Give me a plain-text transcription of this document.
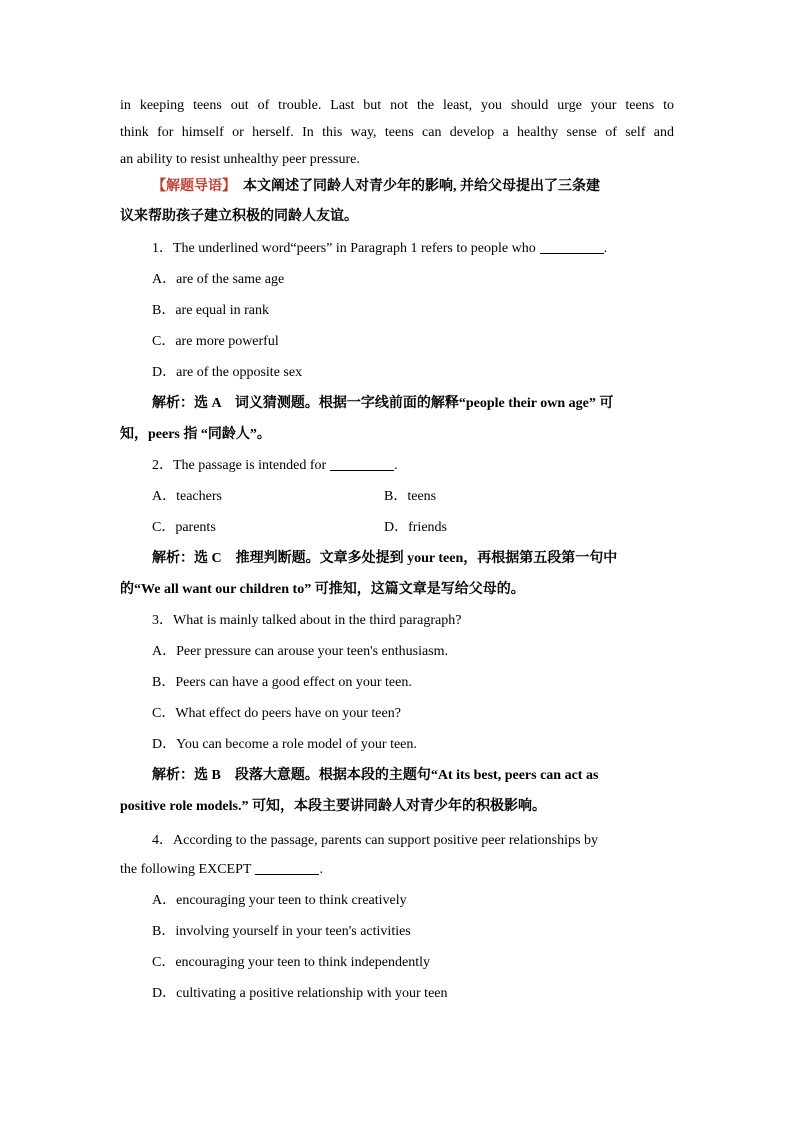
in keeping teens out of trouble. Last but not the least, you should urge your teens to
think for himself or herself. In this way, teens can develop a healthy sense of self and
an ability to resist unhealthy peer pressure.
【解题导语】　 本文阐述了同龄人对青少年的影响, 并给父母提出了三条建
议来帮助孩子建立积极的同龄人友谊。
1．The underlined word“peers” in Paragraph 1 refers to people who	.
A．are of the same age
B．are equal in rank
C．are more powerful
D．are of the opposite sex
解析：选 A　词义猜测题。根据一字线前面的解释“people their own age” 可
知，peers 指 “同龄人”。
2．The passage is intended for	.
A．teachers	B．teens
C．parents	D．friends
解析：选 C　推理判断题。文章多处提到 your teen，再根据第五段第一句中
的“We all want our children to” 可推知，这篇文章是写给父母的。
3．What is mainly talked about in the third paragraph?
A．Peer pressure can arouse your teen's enthusiasm.
B．Peers can have a good effect on your teen.
C．What effect do peers have on your teen?
D．You can become a role model of your teen.
解析：选 B　段落大意题。根据本段的主题句“At its best, peers can act as
positive role models.” 可知，本段主要讲同龄人对青少年的积极影响。
4．According to the passage, parents can support positive peer relationships by
the following EXCEPT	.
A．encouraging your teen to think creatively
B．involving yourself in your teen's activities
C．encouraging your teen to think independently
D．cultivating a positive relationship with your teen
